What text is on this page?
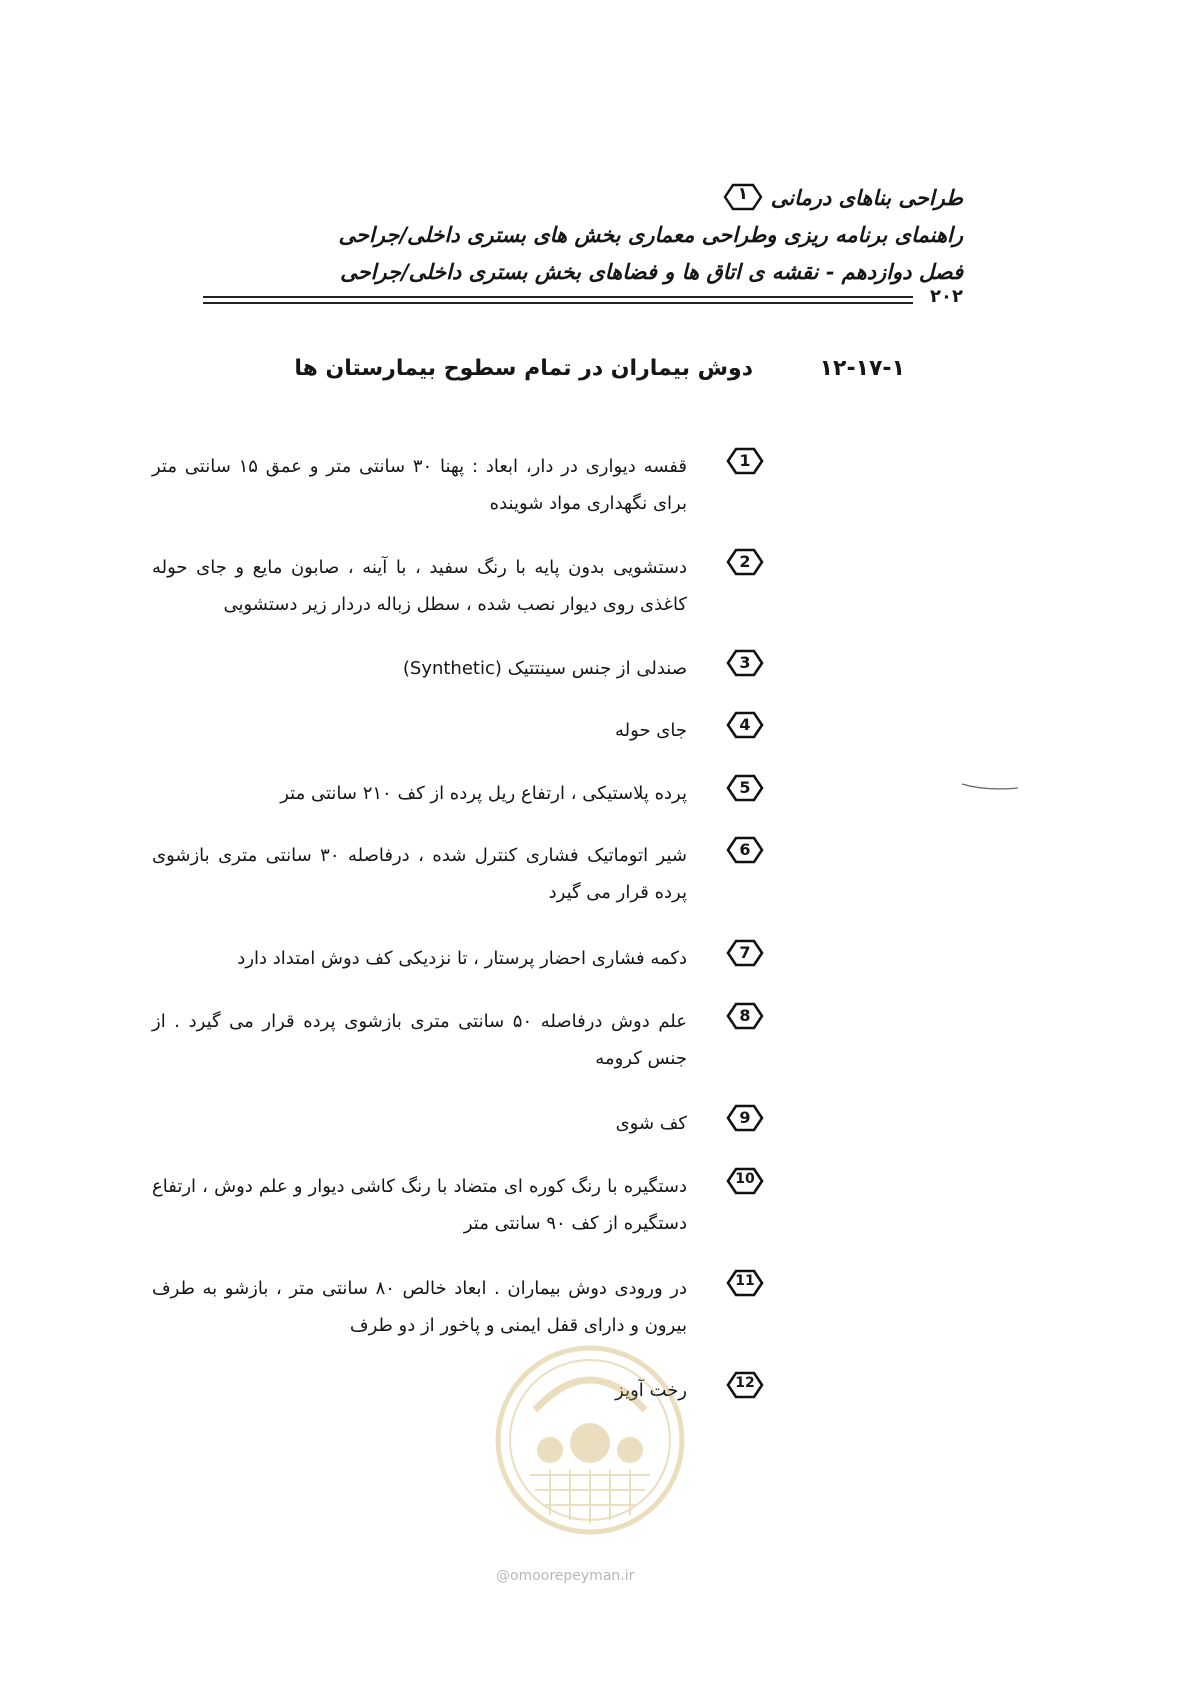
طراحی بناهای درمانی
۱
راهنمای برنامه ریزی وطراحی معماری بخش های بستری داخلی/جراحی
فصل دوازدهم - نقشه ی اتاق ها و فضاهای بخش بستری داخلی/جراحی
۲۰۲
۱۲-۱۷-۱
دوش بیماران در تمام سطوح بیمارستان ها
1
قفسه دیواری در دار، ابعاد : پهنا ۳۰ سانتی متر و عمق ۱۵ سانتی متر برای نگهداری مواد شوینده
2
دستشویی بدون پایه با رنگ سفید ، با آینه ، صابون مایع و جای حوله کاغذی روی دیوار نصب شده ، سطل زباله دردار زیر دستشویی
3
صندلی از جنس سینتتیک (Synthetic)
4
جای حوله
5
پرده پلاستیکی ، ارتفاع ریل پرده از کف ۲۱۰ سانتی متر
6
شیر اتوماتیک فشاری کنترل شده ، درفاصله ۳۰ سانتی متری بازشوی پرده قرار می گیرد
7
دکمه فشاری احضار پرستار ، تا نزدیکی کف دوش امتداد دارد
8
علم دوش درفاصله ۵۰ سانتی متری بازشوی پرده قرار می گیرد . از جنس کرومه
9
کف شوی
10
دستگیره با رنگ کوره ای متضاد با رنگ کاشی دیوار و علم دوش ، ارتفاع دستگیره از کف ۹۰ سانتی متر
11
در ورودی دوش بیماران . ابعاد خالص ۸۰ سانتی متر ، بازشو به طرف بیرون و دارای قفل ایمنی و پاخور از دو طرف
12
رخت آویز
@omoorepeyman.ir
